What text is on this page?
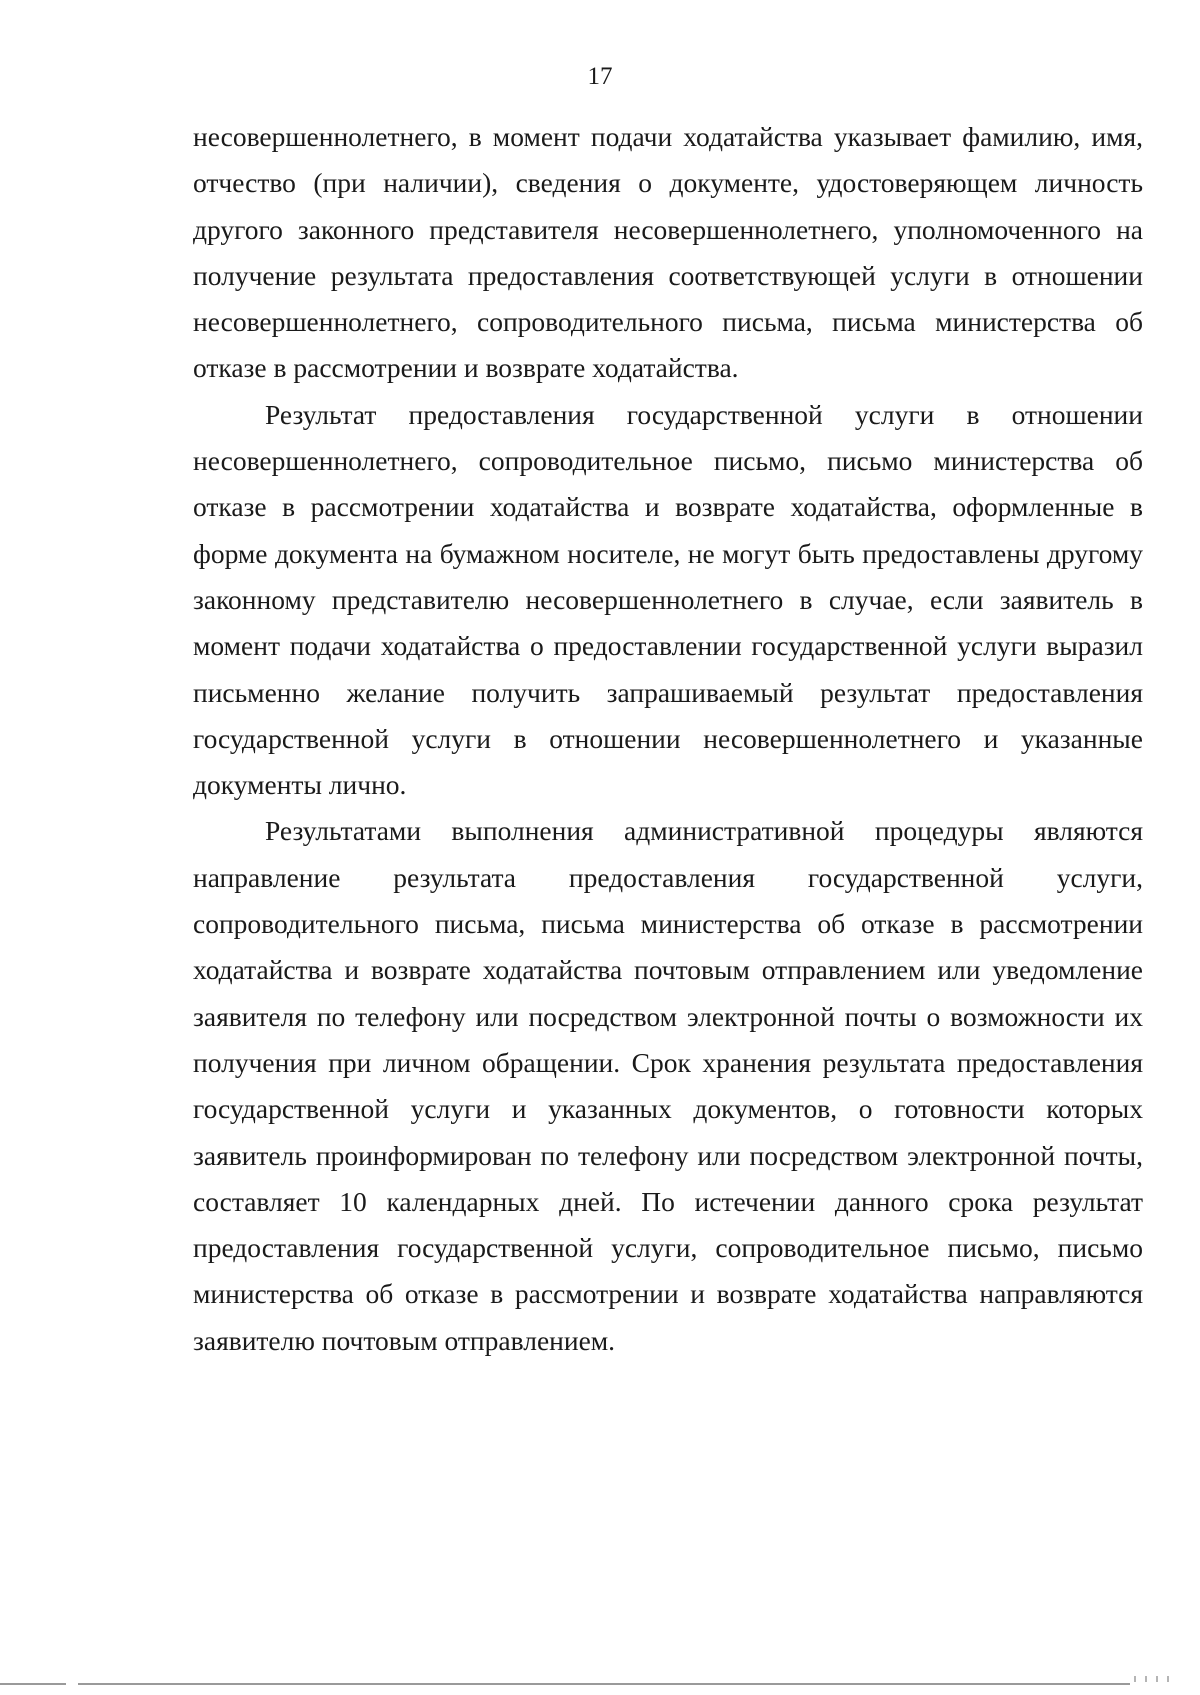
17

несовершеннолетнего, в момент подачи ходатайства указывает фамилию, имя, отчество (при наличии), сведения о документе, удостоверяющем личность другого законного представителя несовершеннолетнего, уполномоченного на получение результата предоставления соответствующей услуги в отношении несовершеннолетнего, сопроводительного письма, письма министерства об отказе в рассмотрении и возврате ходатайства.

Результат предоставления государственной услуги в отношении несовершеннолетнего, сопроводительное письмо, письмо министерства об отказе в рассмотрении ходатайства и возврате ходатайства, оформленные в форме документа на бумажном носителе, не могут быть предоставлены другому законному представителю несовершеннолетнего в случае, если заявитель в момент подачи ходатайства о предоставлении государственной услуги выразил письменно желание получить запрашиваемый результат предоставления государственной услуги в отношении несовершеннолетнего и указанные документы лично.

Результатами выполнения административной процедуры являются направление результата предоставления государственной услуги, сопроводительного письма, письма министерства об отказе в рассмотрении ходатайства и возврате ходатайства почтовым отправлением или уведомление заявителя по телефону или посредством электронной почты о возможности их получения при личном обращении. Срок хранения результата предоставления государственной услуги и указанных документов, о готовности которых заявитель проинформирован по телефону или посредством электронной почты, составляет 10 календарных дней. По истечении данного срока результат предоставления государственной услуги, сопроводительное письмо, письмо министерства об отказе в рассмотрении и возврате ходатайства направляются заявителю почтовым отправлением.
